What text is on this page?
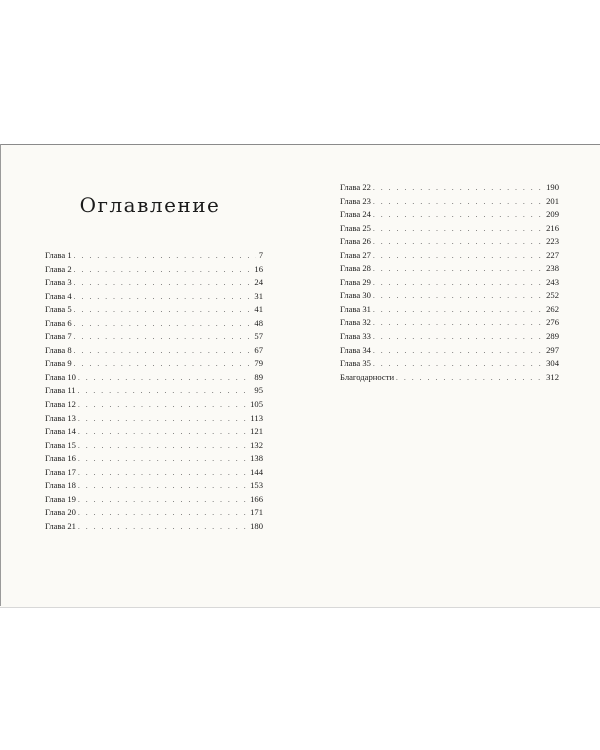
Оглавление
Глава 1 . . .	7
Глава 2 . . .	16
Глава 3 . . .	24
Глава 4 . . .	31
Глава 5 . . .	41
Глава 6 . . .	48
Глава 7 . . .	57
Глава 8 . . .	67
Глава 9 . . .	79
Глава 10 . . .	89
Глава 11 . . .	95
Глава 12 . . .	105
Глава 13 . . .	113
Глава 14 . . .	121
Глава 15 . . .	132
Глава 16 . . .	138
Глава 17 . . .	144
Глава 18 . . .	153
Глава 19 . . .	166
Глава 20 . . .	171
Глава 21 . . .	180
Глава 22 . . .	190
Глава 23 . . .	201
Глава 24 . . .	209
Глава 25 . . .	216
Глава 26 . . .	223
Глава 27 . . .	227
Глава 28 . . .	238
Глава 29 . . .	243
Глава 30 . . .	252
Глава 31 . . .	262
Глава 32 . . .	276
Глава 33 . . .	289
Глава 34 . . .	297
Глава 35 . . .	304
Благодарности . . .	312
